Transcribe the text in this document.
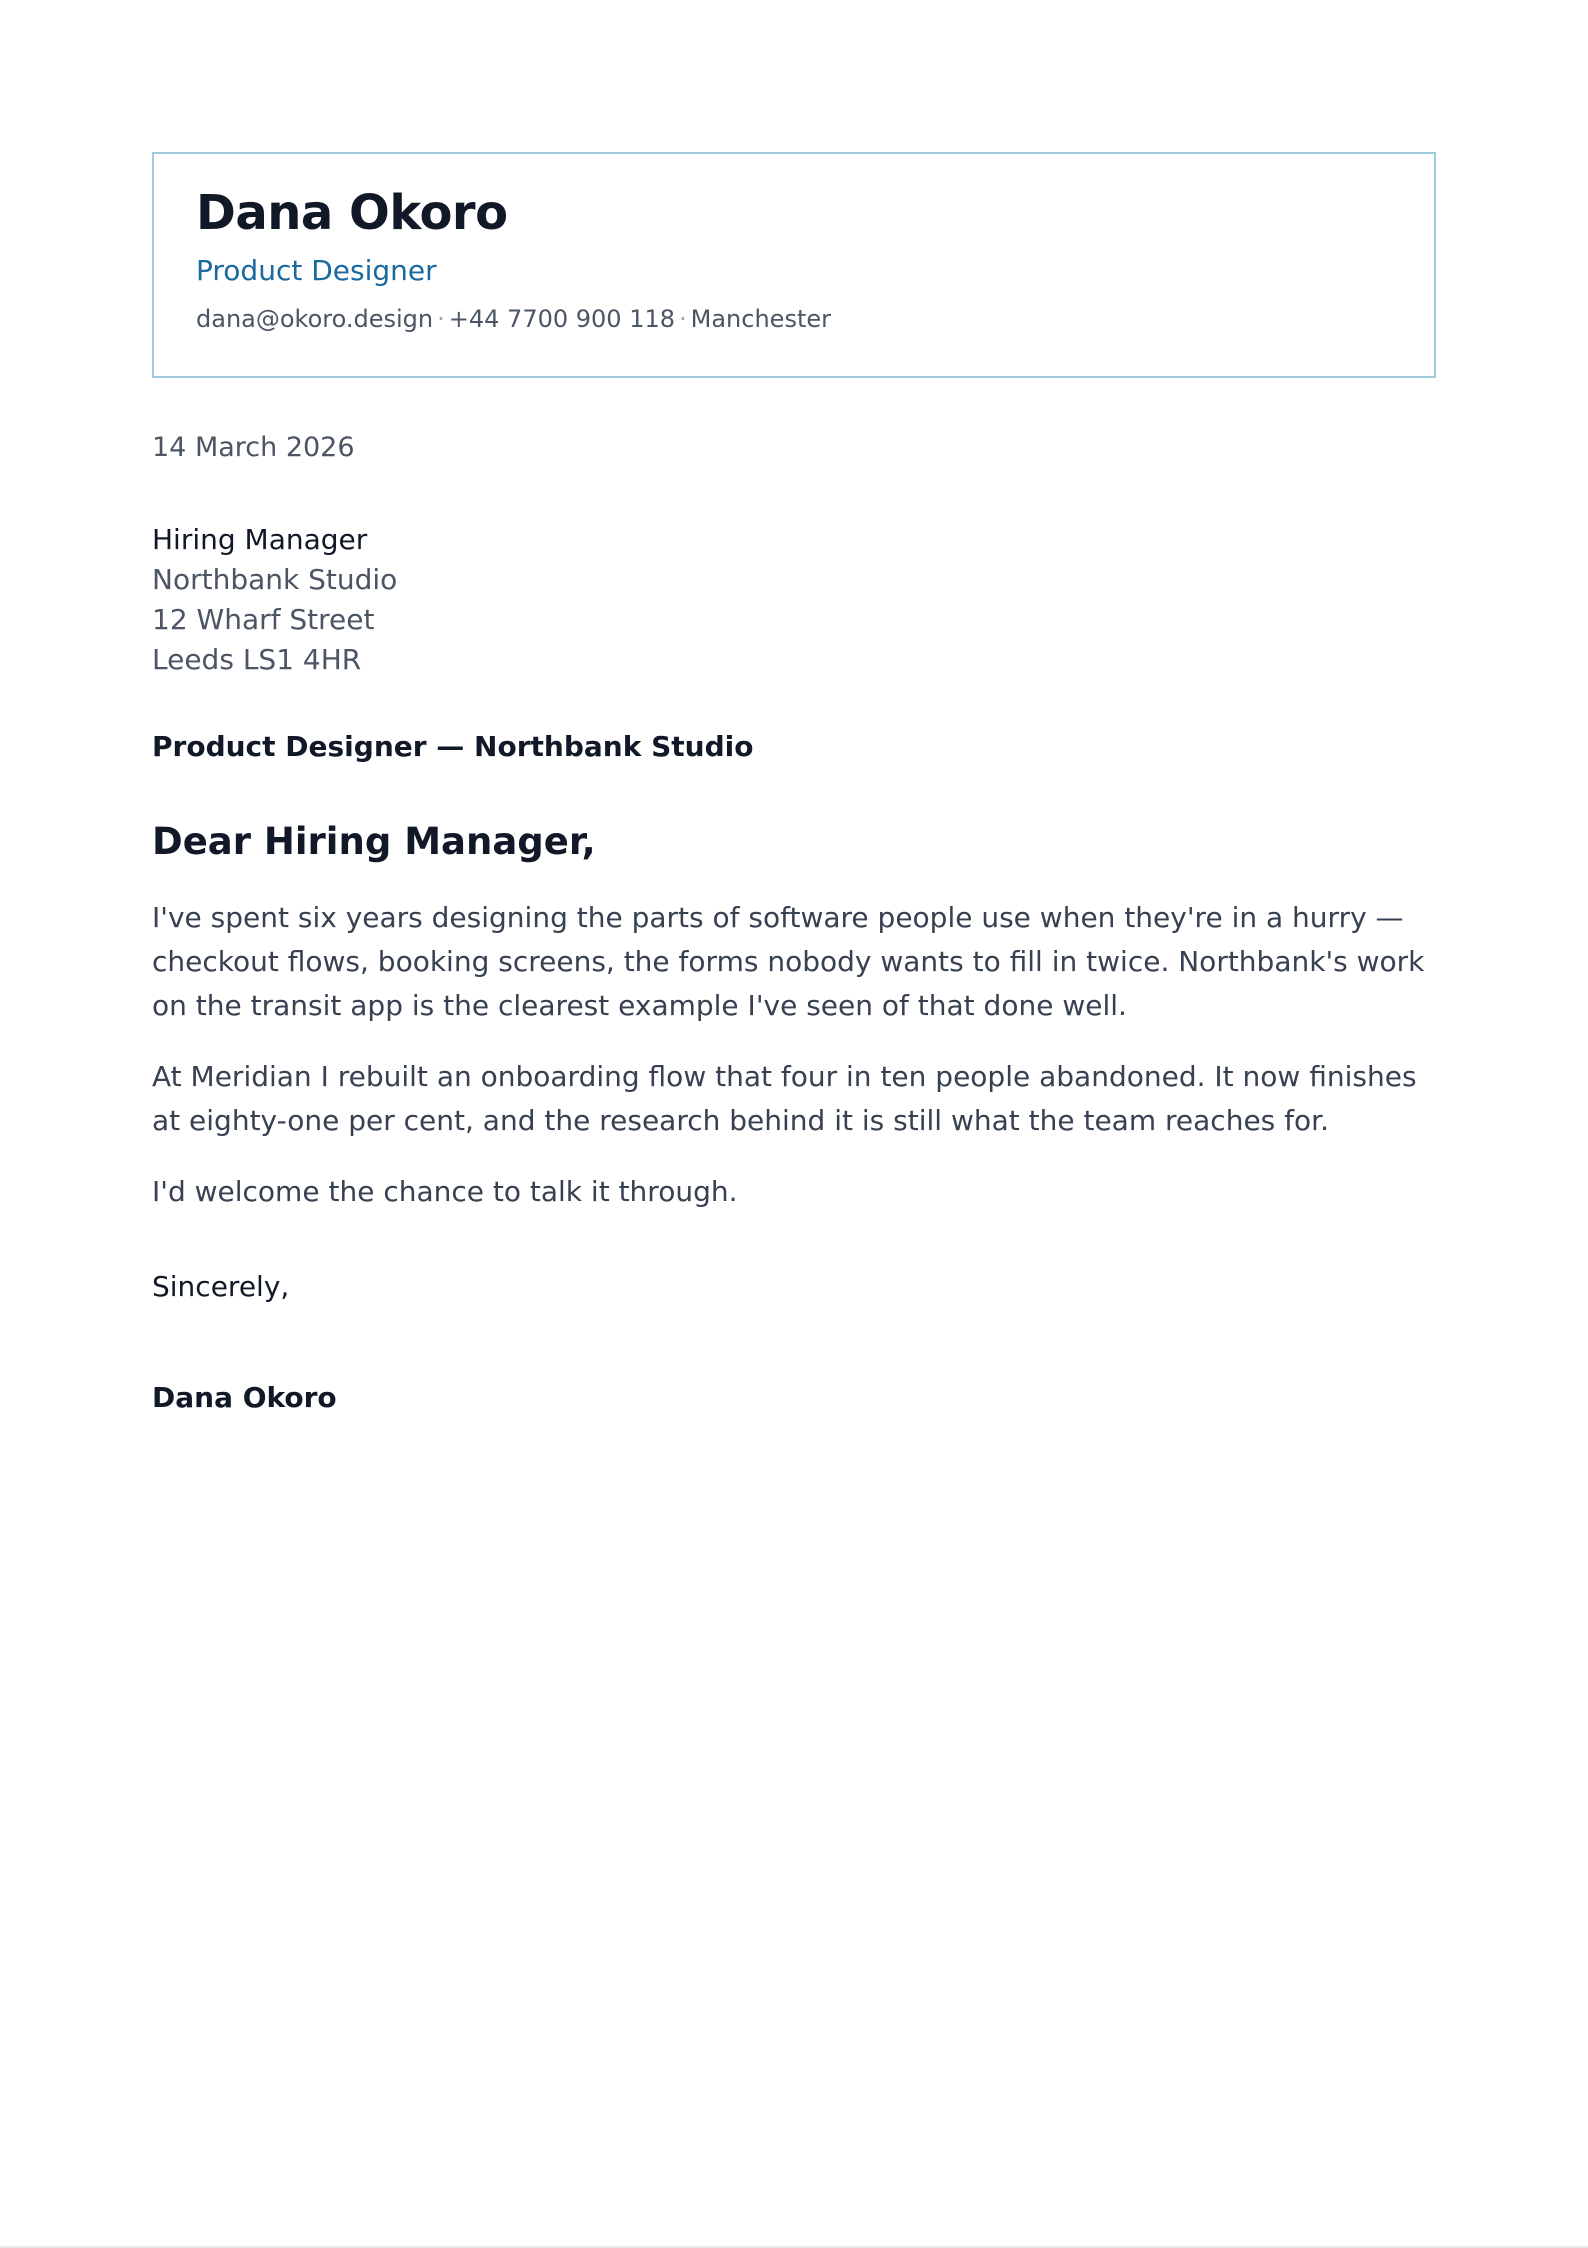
Dana Okoro
Product Designer
dana@okoro.design · +44 7700 900 118 · Manchester
14 March 2026
Hiring Manager
Northbank Studio
12 Wharf Street
Leeds LS1 4HR
Product Designer — Northbank Studio
Dear Hiring Manager,

I've spent six years designing the parts of software people use when they're in a hurry — checkout flows, booking screens, the forms nobody wants to fill in twice. Northbank's work on the transit app is the clearest example I've seen of that done well.

At Meridian I rebuilt an onboarding flow that four in ten people abandoned. It now finishes at eighty-one per cent, and the research behind it is still what the team reaches for.

I'd welcome the chance to talk it through.

Sincerely,
Dana Okoro
